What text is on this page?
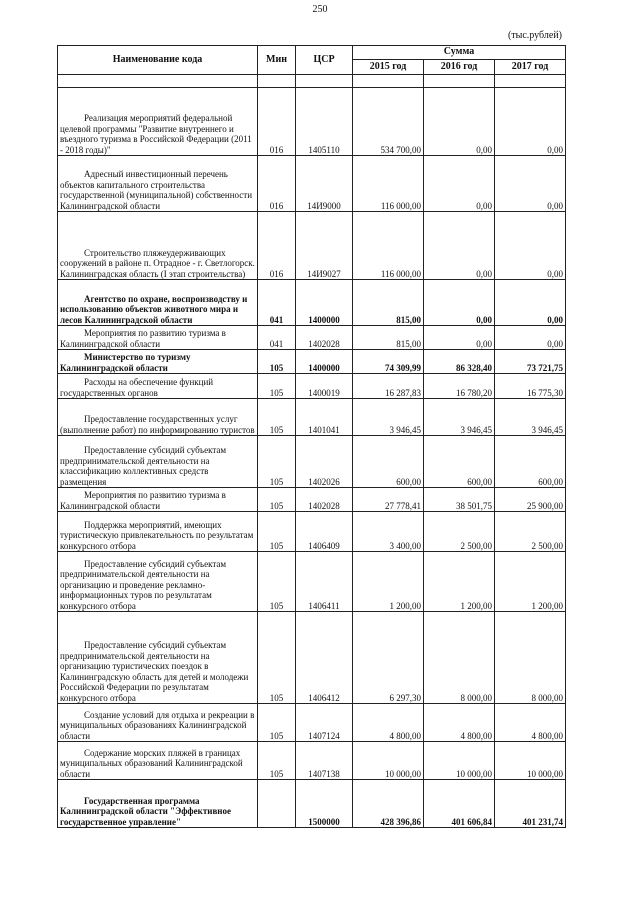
250
(тыс.рублей)
Наименование кода	Мин	ЦСР	Сумма		
			2015 год	2016 год	2017 год

Реализация мероприятий федеральной целевой программы "Развитие внутреннего и въездного туризма в Российской Федерации (2011 - 2018 годы)"	016	1405110	534 700,00	0,00	0,00
Адресный инвестиционный перечень объектов капитального строительства государственной (муниципальной) собственности Калининградской области	016	14И9000	116 000,00	0,00	0,00
Строительство пляжеудерживающих сооружений в районе п. Отрадное - г. Светлогорск. Калининградская область (I этап строительства)	016	14И9027	116 000,00	0,00	0,00
Агентство по охране, воспроизводству и использованию объектов животного мира и лесов Калининградской области	041	1400000	815,00	0,00	0,00
Мероприятия по развитию туризма в Калининградской области	041	1402028	815,00	0,00	0,00
Министерство по туризму Калининградской области	105	1400000	74 309,99	86 328,40	73 721,75
Расходы на обеспечение функций государственных органов	105	1400019	16 287,83	16 780,20	16 775,30
Предоставление государственных услуг (выполнение работ) по информированию туристов	105	1401041	3 946,45	3 946,45	3 946,45
Предоставление субсидий субъектам предпринимательской деятельности на классификацию коллективных средств размещения	105	1402026	600,00	600,00	600,00
Мероприятия по развитию туризма в Калининградской области	105	1402028	27 778,41	38 501,75	25 900,00
Поддержка мероприятий, имеющих туристическую привлекательность по результатам конкурсного отбора	105	1406409	3 400,00	2 500,00	2 500,00
Предоставление субсидий субъектам предпринимательской деятельности на организацию и проведение рекламно-информационных туров по результатам конкурсного отбора	105	1406411	1 200,00	1 200,00	1 200,00
Предоставление субсидий субъектам предпринимательской деятельности на организацию туристических поездок в Калининградскую область для детей и молодежи Российской Федерации по результатам конкурсного отбора	105	1406412	6 297,30	8 000,00	8 000,00
Создание условий для отдыха и рекреации в муниципальных образованиях Калининградской области	105	1407124	4 800,00	4 800,00	4 800,00
Содержание морских пляжей в границах муниципальных образований Калининградской области	105	1407138	10 000,00	10 000,00	10 000,00
Государственная программа Калининградской области "Эффективное государственное управление"		1500000	428 396,86	401 606,84	401 231,74
